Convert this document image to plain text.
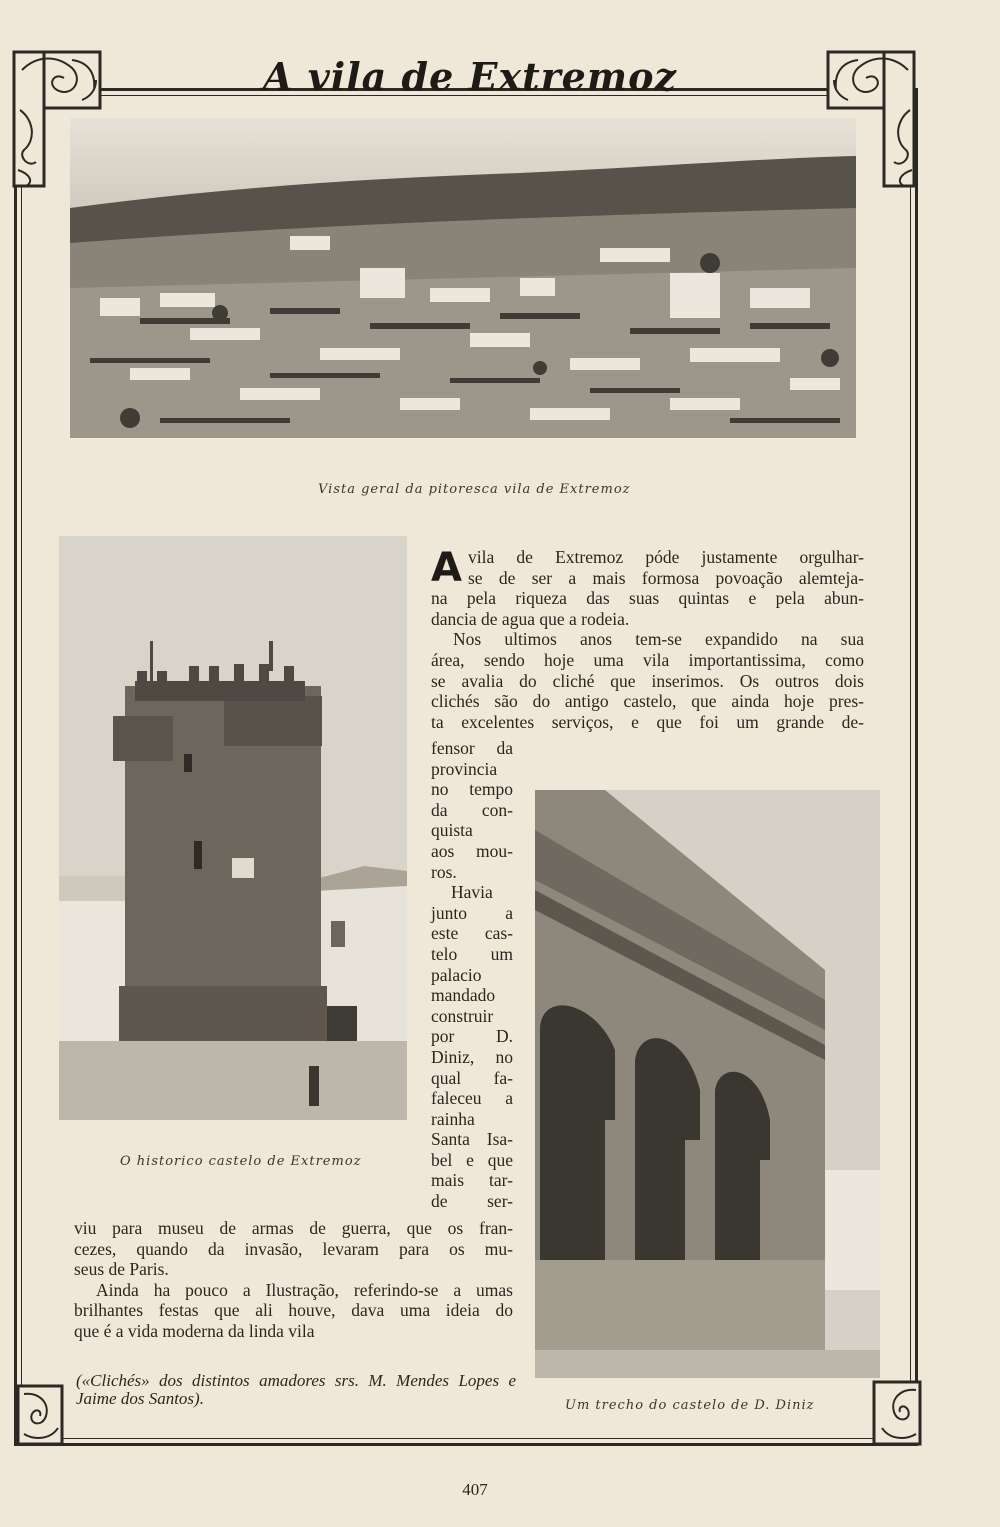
A vila de Extremoz
Vista geral da pitoresca vila de Extremoz
O historico castelo de Extremoz
Um trecho do castelo de D. Diniz
A vila de Extremoz póde justamente orgulhar-

se de ser a mais formosa povoação alemteja-

na pela riqueza das suas quintas e pela abun-

dancia de agua que a rodeia.

Nos ultimos anos tem-se expandido na sua

área, sendo hoje uma vila importantissima, como

se avalia do cliché que inserimos. Os outros dois

clichés são do antigo castelo, que ainda hoje pres-

ta excelentes serviços, e que foi um grande de-

fensor da

provincia

no tempo

da con-

quista

aos mou-

ros.

Havia

junto a

este cas-

telo um

palacio

mandado

construir

por D.

Diniz, no

qual fa-

faleceu a

rainha

Santa Isa-

bel e que

mais tar-

de ser-

viu para museu de armas de guerra, que os fran-

cezes, quando da invasão, levaram para os mu-

seus de Paris.

Ainda ha pouco a Ilustração, referindo-se a umas

brilhantes festas que ali houve, dava uma ideia do

que é a vida moderna da linda vila

(«Clichés» dos distintos amadores srs. M. Mendes Lopes e Jaime dos Santos).
407
